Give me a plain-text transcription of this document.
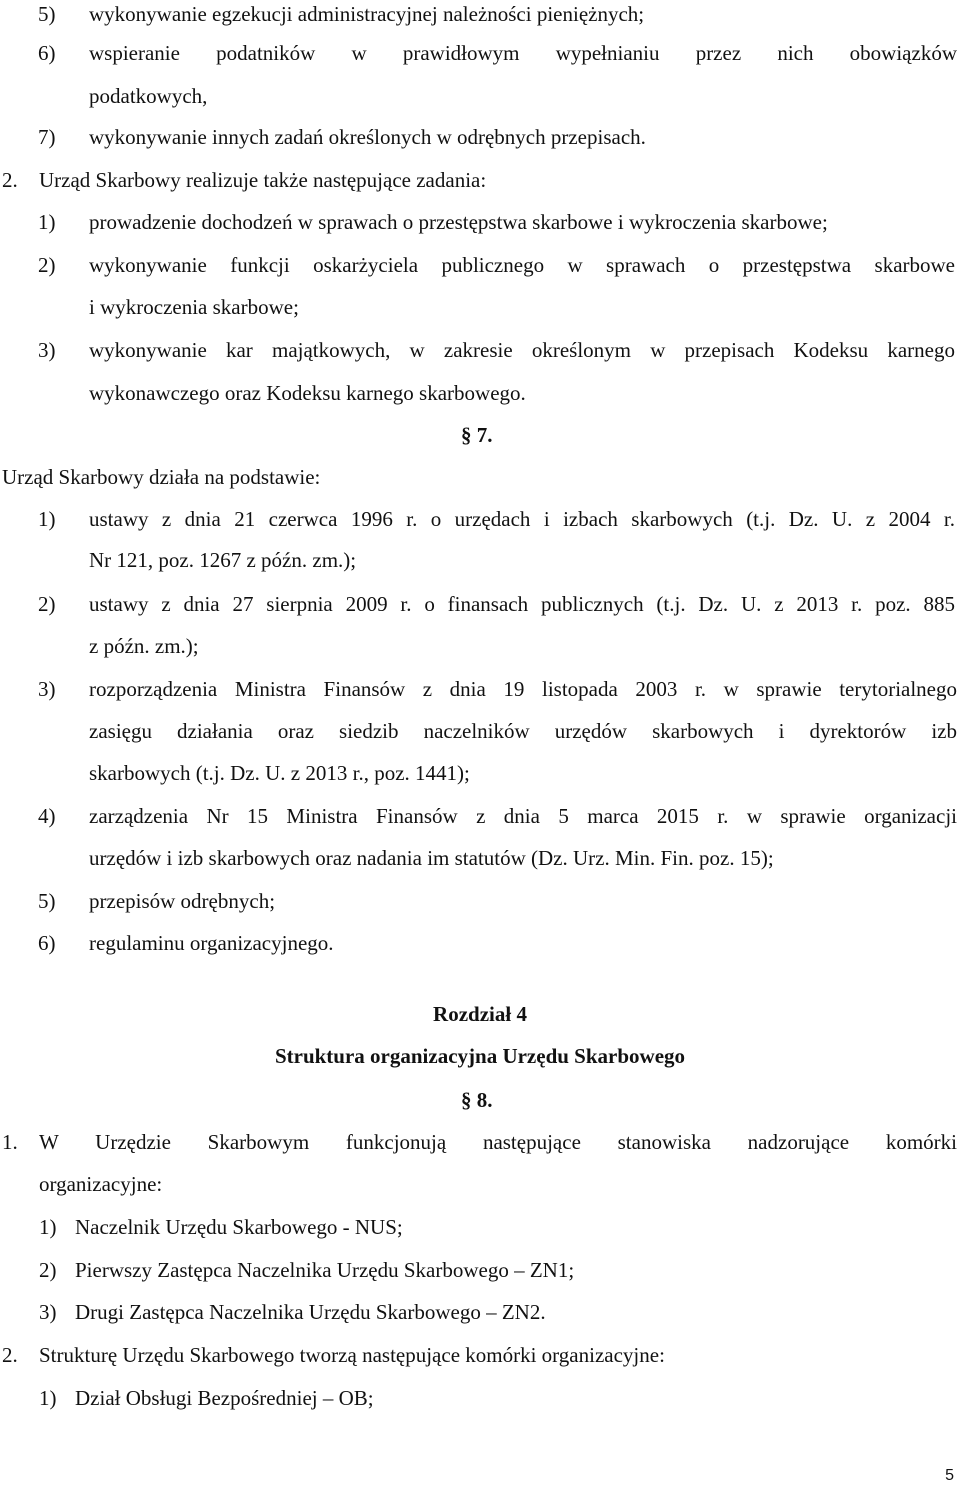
5) wykonywanie egzekucji administracyjnej należności pieniężnych;
6) wspieranie podatników w prawidłowym wypełnianiu przez nich obowiązków
podatkowych,
7) wykonywanie innych zadań określonych w odrębnych przepisach.
2. Urząd Skarbowy realizuje także następujące zadania:
1) prowadzenie dochodzeń w sprawach o przestępstwa skarbowe i wykroczenia skarbowe;
2) wykonywanie funkcji oskarżyciela publicznego w sprawach o przestępstwa skarbowe
i wykroczenia skarbowe;
3) wykonywanie kar majątkowych, w zakresie określonym w przepisach Kodeksu karnego
wykonawczego oraz Kodeksu karnego skarbowego.
§ 7.
Urząd Skarbowy działa na podstawie:
1) ustawy z dnia 21 czerwca 1996 r. o urzędach i izbach skarbowych (t.j. Dz. U. z 2004 r.
Nr 121, poz. 1267 z późn. zm.);
2) ustawy z dnia 27 sierpnia 2009 r. o finansach publicznych (t.j. Dz. U. z 2013 r. poz. 885
z późn. zm.);
3) rozporządzenia Ministra Finansów z dnia 19 listopada 2003 r. w sprawie terytorialnego
zasięgu działania oraz siedzib naczelników urzędów skarbowych i dyrektorów izb
skarbowych (t.j. Dz. U. z 2013 r., poz. 1441);
4) zarządzenia Nr 15 Ministra Finansów z dnia 5 marca 2015 r. w sprawie organizacji
urzędów i izb skarbowych oraz nadania im statutów (Dz. Urz. Min. Fin. poz. 15);
5) przepisów odrębnych;
6) regulaminu organizacyjnego.
Rozdział 4
Struktura organizacyjna Urzędu Skarbowego
§ 8.
1. W Urzędzie Skarbowym funkcjonują następujące stanowiska nadzorujące komórki
organizacyjne:
1) Naczelnik Urzędu Skarbowego - NUS;
2) Pierwszy Zastępca Naczelnika Urzędu Skarbowego – ZN1;
3) Drugi Zastępca Naczelnika Urzędu Skarbowego – ZN2.
2. Strukturę Urzędu Skarbowego tworzą następujące komórki organizacyjne:
1) Dział Obsługi Bezpośredniej – OB;
5
